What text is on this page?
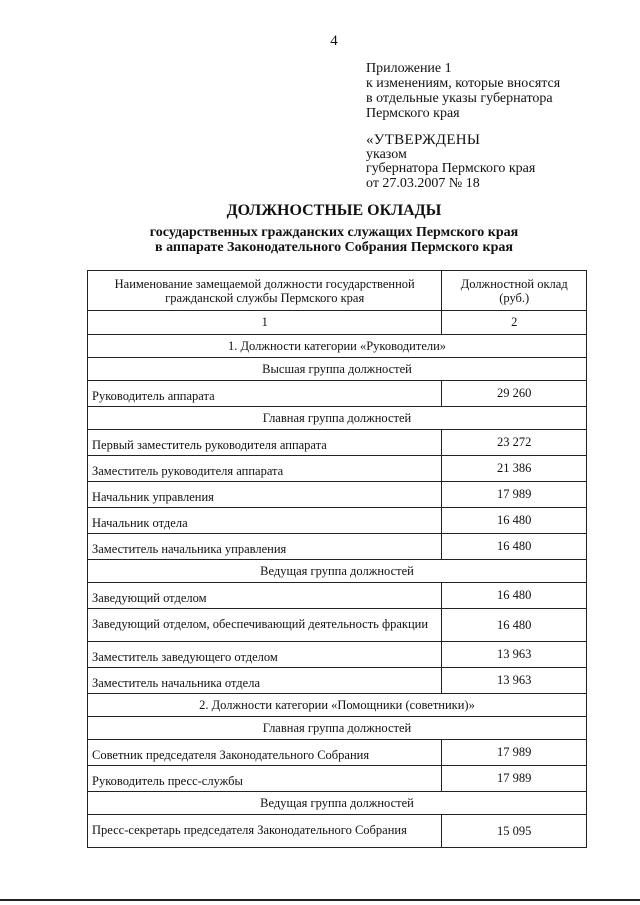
4
Приложение 1
к изменениям, которые вносятся
в отдельные указы губернатора
Пермского края
«УТВЕРЖДЕНЫ
указом
губернатора Пермского края
от 27.03.2007 № 18
ДОЛЖНОСТНЫЕ ОКЛАДЫ
государственных гражданских служащих Пермского края
в аппарате Законодательного Собрания Пермского края
Наименование замещаемой должности государственной гражданской службы Пермского края	Должностной оклад (руб.)
1	2
1. Должности категории «Руководители»	
Высшая группа должностей	
Руководитель аппарата	29 260
Главная группа должностей	
Первый заместитель руководителя аппарата	23 272
Заместитель руководителя аппарата	21 386
Начальник управления	17 989
Начальник отдела	16 480
Заместитель начальника управления	16 480
Ведущая группа должностей	
Заведующий отделом	16 480
Заведующий отделом, обеспечивающий деятельность фракции	16 480
Заместитель заведующего отделом	13 963
Заместитель начальника отдела	13 963
2. Должности категории «Помощники (советники)»	
Главная группа должностей	
Советник председателя Законодательного Собрания	17 989
Руководитель пресс-службы	17 989
Ведущая группа должностей	
Пресс-секретарь председателя Законодательного Собрания	15 095
